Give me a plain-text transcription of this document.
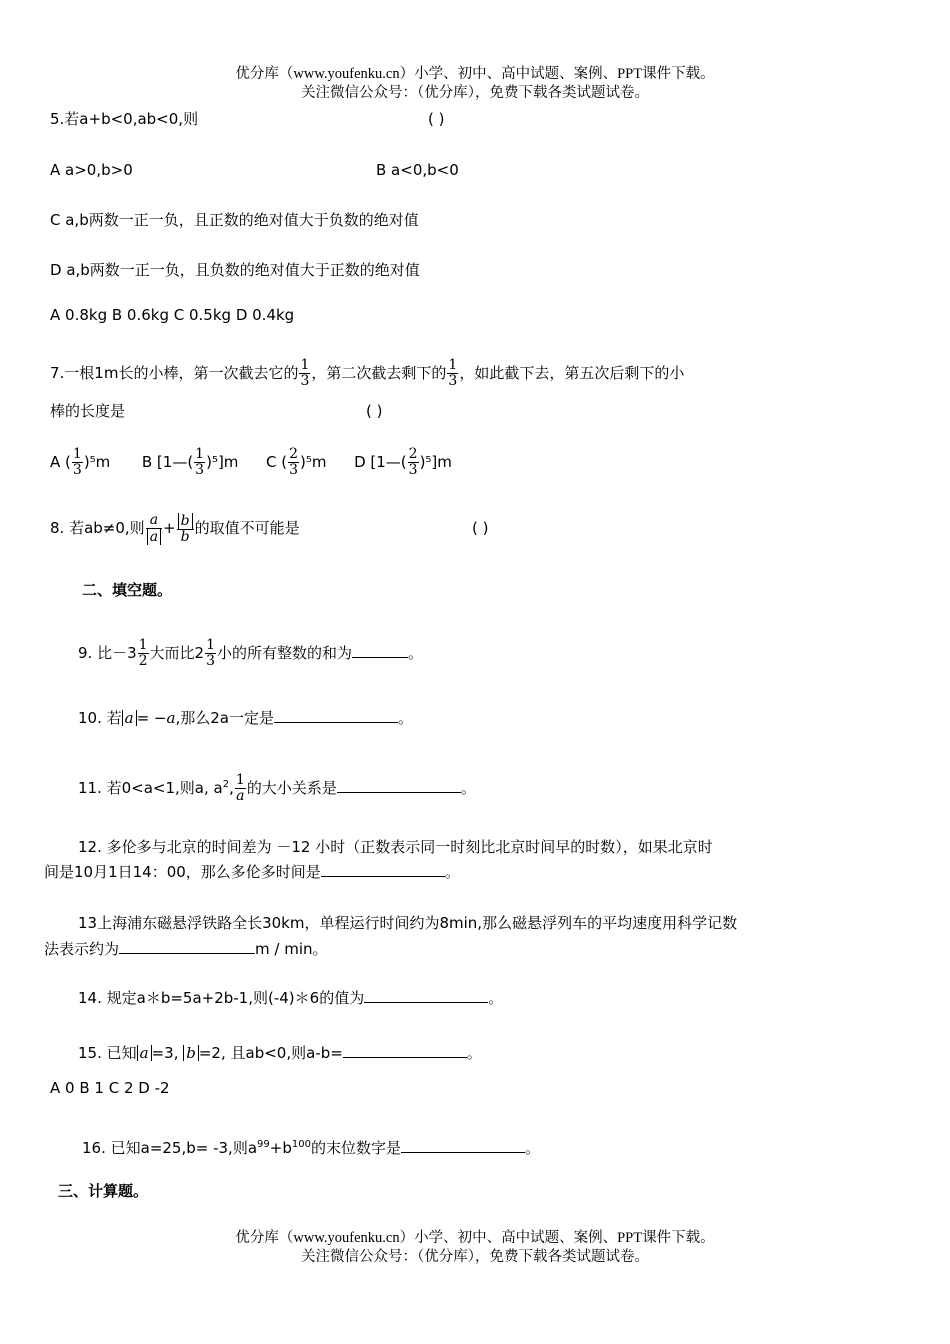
优分库（www.youfenku.cn）小学、初中、高中试题、案例、PPT课件下载。
关注微信公众号：（优分库），免费下载各类试题试卷。
5.若a+b<0,ab<0,则	( )
A a>0,b>0	B a<0,b<0
C a,b两数一正一负，且正数的绝对值大于负数的绝对值
D a,b两数一正一负，且负数的绝对值大于正数的绝对值
A 0.8kg B 0.6kg C 0.5kg D 0.4kg
7.一根1m长的小棒，第一次截去它的 $\frac{1}{3}$ ，第二次截去剩下的 $\frac{1}{3}$ ，如此截下去，第五次后剩下的小
棒的长度是	( )
A ( $\frac{1}{3} )^5m$ B [1—( $\frac{1}{3} )^5]m$ C ( $\frac{2}{3} )^5m$ D [1—( $\frac{2}{3} )^5]m$
8. 若ab≠0,则 $\frac{a}{a} + \frac{b}{b}$ 的取值不可能是	( )
二、填空题。
9. 比$-3 \frac{1}{2}$ 大而比$2 \frac{1}{3}$ 小的所有整数的和为	。
10. 若 a = −a,那么2a一定是	。
11. 若0<a<1,则a, $a^2$, $\frac{1}{a}$ 的大小关系是	。
12. 多伦多与北京的时间差为 －12 小时（正数表示同一时刻比北京时间早的时数），如果北京时
间是10月1日14：00，那么多伦多时间是	。
13上海浦东磁悬浮铁路全长30km，单程运行时间约为8min,那么磁悬浮列车的平均速度用科学记数
法表示约为	m / min。
14. 规定a＊b=5a+2b-1,则(-4)＊6的值为	。
15. 已知 a =3, b =2, 且ab<0,则a-b=	。
A 0 B 1 C 2 D -2
16. 已知a=25,b= -3,则$a^{99}+b^{100}$的末位数字是	。
三、计算题。
优分库（www.youfenku.cn）小学、初中、高中试题、案例、PPT课件下载。
关注微信公众号：（优分库），免费下载各类试题试卷。
